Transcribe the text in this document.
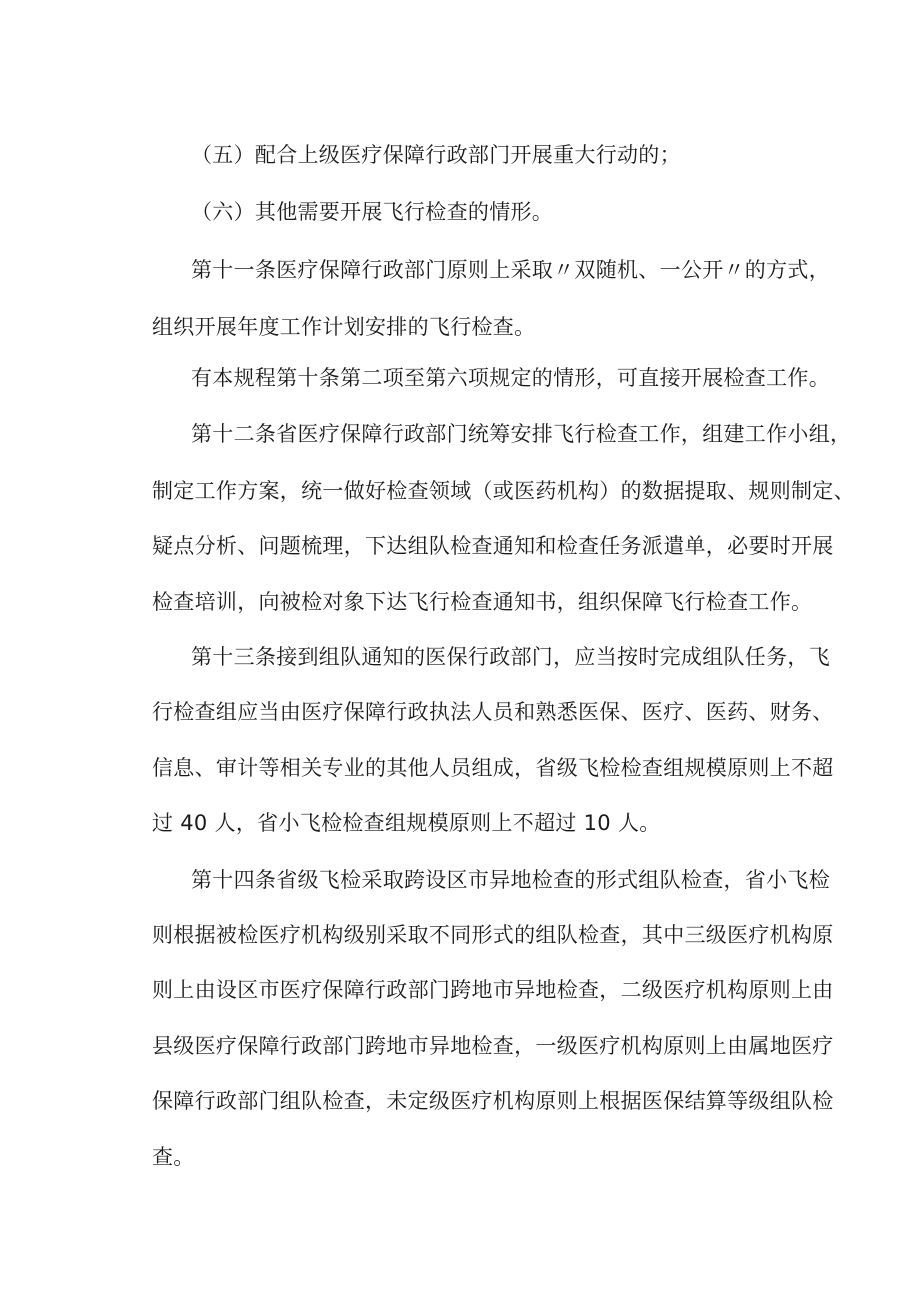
（五）配合上级医疗保障行政部门开展重大行动的；
（六）其他需要开展飞行检查的情形。
第十一条医疗保障行政部门原则上采取〃双随机、一公开〃的方式，
组织开展年度工作计划安排的飞行检查。
有本规程第十条第二项至第六项规定的情形，可直接开展检查工作。
第十二条省医疗保障行政部门统筹安排飞行检查工作，组建工作小组，
制定工作方案，统一做好检查领域（或医药机构）的数据提取、规则制定、
疑点分析、问题梳理，下达组队检查通知和检查任务派遣单，必要时开展
检查培训，向被检对象下达飞行检查通知书，组织保障飞行检查工作。
第十三条接到组队通知的医保行政部门，应当按时完成组队任务，飞
行检查组应当由医疗保障行政执法人员和熟悉医保、医疗、医药、财务、
信息、审计等相关专业的其他人员组成，省级飞检检查组规模原则上不超
过 40 人，省小飞检检查组规模原则上不超过 10 人。
第十四条省级飞检采取跨设区市异地检查的形式组队检查，省小飞检
则根据被检医疗机构级别采取不同形式的组队检查，其中三级医疗机构原
则上由设区市医疗保障行政部门跨地市异地检查，二级医疗机构原则上由
县级医疗保障行政部门跨地市异地检查，一级医疗机构原则上由属地医疗
保障行政部门组队检查，未定级医疗机构原则上根据医保结算等级组队检
查。
